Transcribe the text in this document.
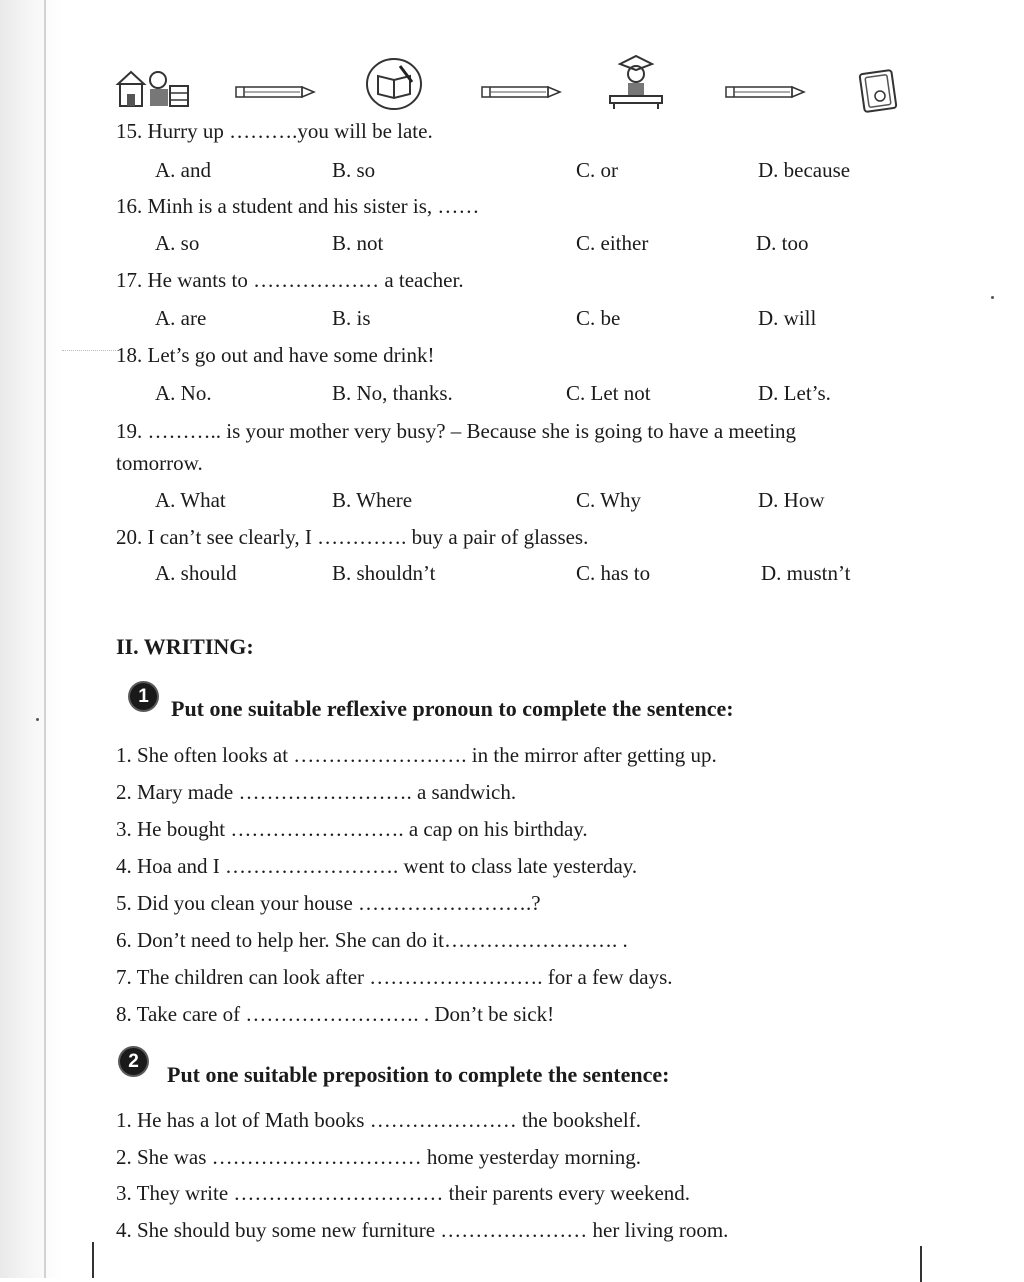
15. Hurry up ……….you will be late.
A. and	B. so	C. or	D. because
16. Minh is a student and his sister is, ……
A. so	B. not	C. either	D. too
17. He wants to ……………… a teacher.
A. are	B. is	C. be	D. will
18. Let’s go out and have some drink!
A. No.	B. No, thanks.	C. Let not	D. Let’s.
19. ……….. is your mother very busy? – Because she is going to have a meeting
tomorrow.
A. What	B. Where	C. Why	D. How
20. I can’t see clearly, I …………. buy a pair of glasses.
A. should	B. shouldn’t	C. has to	D. mustn’t
II. WRITING:
1	Put one suitable reflexive pronoun to complete the sentence:
1. She often looks at ……………………. in the mirror after getting up.
2. Mary made ……………………. a sandwich.
3. He bought ……………………. a cap on his birthday.
4. Hoa and I ……………………. went to class late yesterday.
5. Did you clean your house …………………….?
6. Don’t need to help her. She can do it……………………. .
7. The children can look after ……………………. for a few days.
8. Take care of ……………………. . Don’t be sick!
2
Put one suitable preposition to complete the sentence:
1. He has a lot of Math books ………………… the bookshelf.
2. She was ………………………… home yesterday morning.
3. They write ………………………… their parents every weekend.
4. She should buy some new furniture ………………… her living room.
